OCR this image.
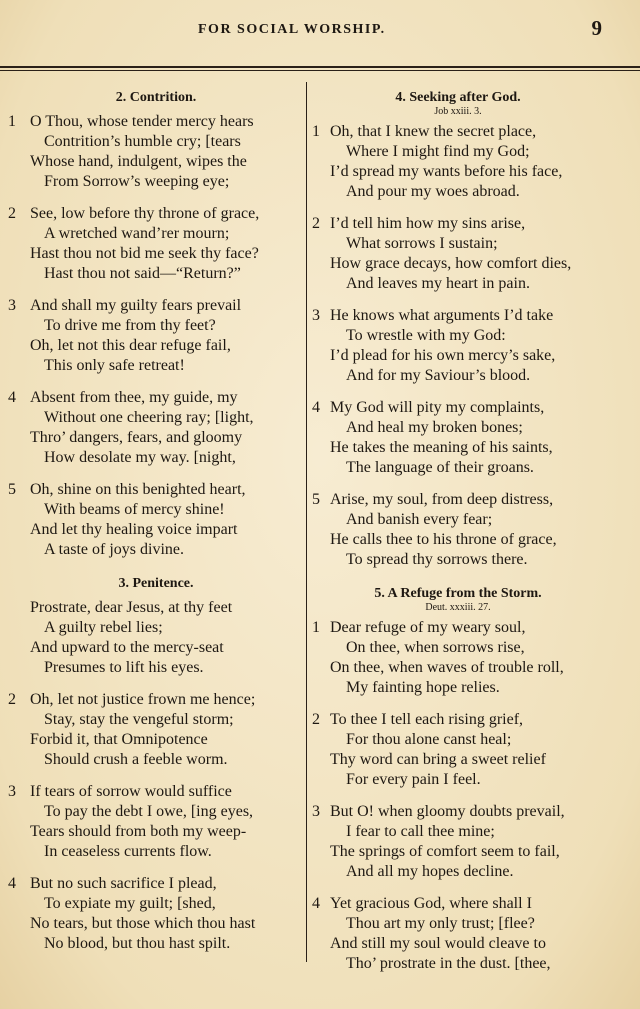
FOR SOCIAL WORSHIP.	9
2. Contrition.
1 O Thou, whose tender mercy hears
Contrition’s humble cry; [tears
Whose hand, indulgent, wipes the
From Sorrow’s weeping eye;
2 See, low before thy throne of grace,
A wretched wand’rer mourn;
Hast thou not bid me seek thy face?
Hast thou not said—“Return?”
3 And shall my guilty fears prevail
To drive me from thy feet?
Oh, let not this dear refuge fail,
This only safe retreat!
4 Absent from thee, my guide, my
Without one cheering ray; [light,
Thro’ dangers, fears, and gloomy
How desolate my way. [night,
5 Oh, shine on this benighted heart,
With beams of mercy shine!
And let thy healing voice impart
A taste of joys divine.
3. Penitence.
Prostrate, dear Jesus, at thy feet
A guilty rebel lies;
And upward to the mercy-seat
Presumes to lift his eyes.
2 Oh, let not justice frown me hence;
Stay, stay the vengeful storm;
Forbid it, that Omnipotence
Should crush a feeble worm.
3 If tears of sorrow would suffice
To pay the debt I owe, [ing eyes,
Tears should from both my weep-
In ceaseless currents flow.
4 But no such sacrifice I plead,
To expiate my guilt; [shed,
No tears, but those which thou hast
No blood, but thou hast spilt.
4. Seeking after God.
Job xxiii. 3.
1 Oh, that I knew the secret place,
Where I might find my God;
I’d spread my wants before his face,
And pour my woes abroad.
2 I’d tell him how my sins arise,
What sorrows I sustain;
How grace decays, how comfort dies,
And leaves my heart in pain.
3 He knows what arguments I’d take
To wrestle with my God:
I’d plead for his own mercy’s sake,
And for my Saviour’s blood.
4 My God will pity my complaints,
And heal my broken bones;
He takes the meaning of his saints,
The language of their groans.
5 Arise, my soul, from deep distress,
And banish every fear;
He calls thee to his throne of grace,
To spread thy sorrows there.
5. A Refuge from the Storm.
Deut. xxxiii. 27.
1 Dear refuge of my weary soul,
On thee, when sorrows rise,
On thee, when waves of trouble roll,
My fainting hope relies.
2 To thee I tell each rising grief,
For thou alone canst heal;
Thy word can bring a sweet relief
For every pain I feel.
3 But O! when gloomy doubts prevail,
I fear to call thee mine;
The springs of comfort seem to fail,
And all my hopes decline.
4 Yet gracious God, where shall I
Thou art my only trust; [flee?
And still my soul would cleave to
Tho’ prostrate in the dust. [thee,
